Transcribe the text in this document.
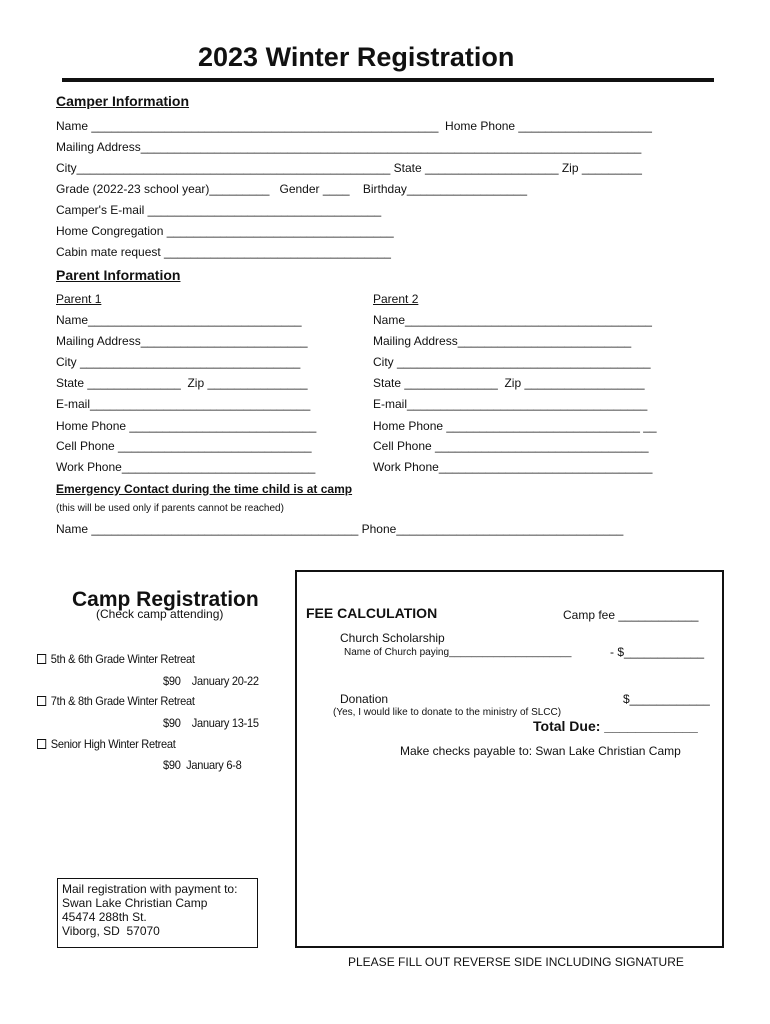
2023 Winter Registration
Camper Information
Name ____________________________________________________  Home Phone ____________________
Mailing Address___________________________________________________________________________
City_______________________________________________ State ____________________ Zip _________
Grade (2022-23 school year)_________   Gender ____    Birthday__________________
Camper's E-mail ___________________________________
Home Congregation __________________________________
Cabin mate request __________________________________
Parent Information
Parent 1
Name________________________________
Mailing Address_________________________
City _________________________________
State ______________  Zip _______________
E-mail_________________________________
Home Phone ____________________________
Cell Phone _____________________________
Work Phone_____________________________
Parent 2
Name_____________________________________
Mailing Address__________________________
City ______________________________________
State ______________  Zip __________________
E-mail____________________________________
Home Phone _____________________________ __
Cell Phone ________________________________
Work Phone________________________________
Emergency Contact during the time child is at camp
(this will be used only if parents cannot be reached)
Name ________________________________________ Phone__________________________________
Camp Registration
(Check camp attending)
5th & 6th Grade Winter Retreat
$90 January 20-22
7th & 8th Grade Winter Retreat
$90 January 13-15
Senior High Winter Retreat
$90 January 6-8
Mail registration with payment to:
Swan Lake Christian Camp
45474 288th St.
Viborg, SD  57070
FEE CALCULATION	Camp fee ____________
Church Scholarship
Name of Church paying______________________	- $____________
Donation	$____________
(Yes, I would like to donate to the ministry of SLCC)
Total Due: ____________
Make checks payable to: Swan Lake Christian Camp
PLEASE FILL OUT REVERSE SIDE INCLUDING SIGNATURE
